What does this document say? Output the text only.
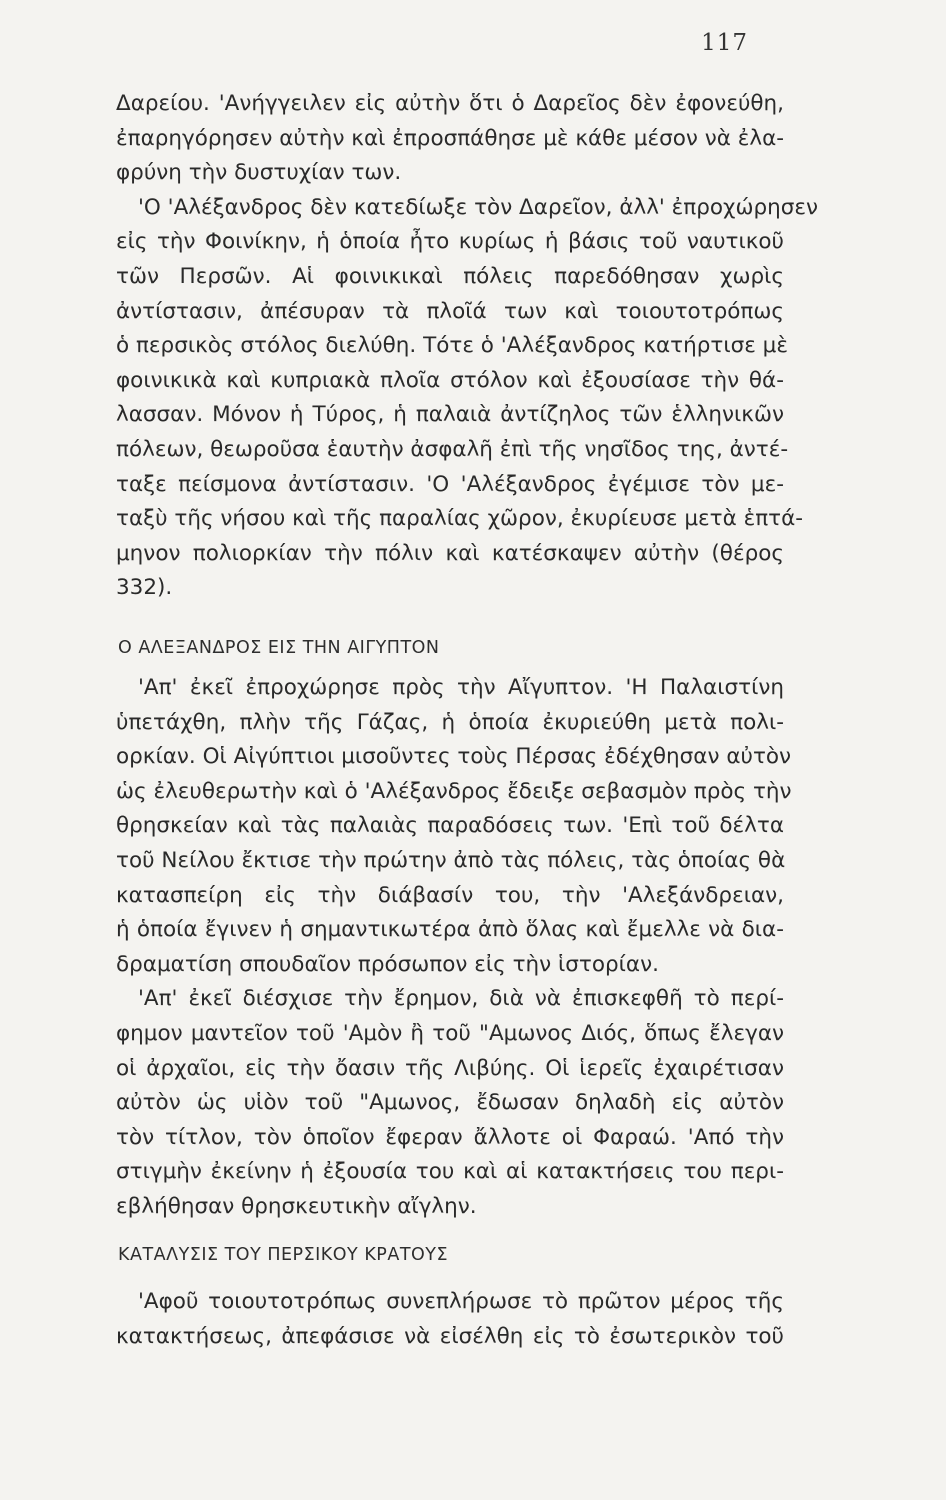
117
Δαρείου. 'Ανήγγειλεν εἰς αὐτὴν ὅτι ὁ Δαρεῖος δὲν ἐφονεύθη,
ἐπαρηγόρησεν αὐτὴν καὶ ἐπροσπάθησε μὲ κάθε μέσον νὰ ἐλα-
φρύνη τὴν δυστυχίαν των.
'Ο 'Αλέξανδρος δὲν κατεδίωξε τὸν Δαρεῖον, ἀλλ' ἐπροχώρησεν
εἰς τὴν Φοινίκην, ἡ ὁποία ἦτο κυρίως ἡ βάσις τοῦ ναυτικοῦ
τῶν Περσῶν. Αἱ φοινικικαὶ πόλεις παρεδόθησαν χωρὶς
ἀντίστασιν, ἀπέσυραν τὰ πλοῖά των καὶ τοιουτοτρόπως
ὁ περσικὸς στόλος διελύθη. Τότε ὁ 'Αλέξανδρος κατήρτισε μὲ
φοινικικὰ καὶ κυπριακὰ πλοῖα στόλον καὶ ἐξουσίασε τὴν θά-
λασσαν. Μόνον ἡ Τύρος, ἡ παλαιὰ ἀντίζηλος τῶν ἑλληνικῶν
πόλεων, θεωροῦσα ἑαυτὴν ἀσφαλῆ ἐπὶ τῆς νησῖδος της, ἀντέ-
ταξε πείσμονα ἀντίστασιν. 'Ο 'Αλέξανδρος ἐγέμισε τὸν με-
ταξὺ τῆς νήσου καὶ τῆς παραλίας χῶρον, ἐκυρίευσε μετὰ ἑπτά-
μηνον πολιορκίαν τὴν πόλιν καὶ κατέσκαψεν αὐτὴν (θέρος
332).
Ο ΑΛΕΞΑΝΔΡΟΣ ΕΙΣ ΤΗΝ ΑΙΓΥΠΤΟΝ
'Απ' ἐκεῖ ἐπροχώρησε πρὸς τὴν Αἴγυπτον. 'Η Παλαιστίνη
ὑπετάχθη, πλὴν τῆς Γάζας, ἡ ὁποία ἐκυριεύθη μετὰ πολι-
ορκίαν. Οἱ Αἰγύπτιοι μισοῦντες τοὺς Πέρσας ἐδέχθησαν αὐτὸν
ὡς ἐλευθερωτὴν καὶ ὁ 'Αλέξανδρος ἔδειξε σεβασμὸν πρὸς τὴν
θρησκείαν καὶ τὰς παλαιὰς παραδόσεις των. 'Επὶ τοῦ δέλτα
τοῦ Νείλου ἔκτισε τὴν πρώτην ἀπὸ τὰς πόλεις, τὰς ὁποίας θὰ
κατασπείρη εἰς τὴν διάβασίν του, τὴν 'Αλεξάνδρειαν,
ἡ ὁποία ἔγινεν ἡ σημαντικωτέρα ἀπὸ ὅλας καὶ ἔμελλε νὰ δια-
δραματίση σπουδαῖον πρόσωπον εἰς τὴν ἱστορίαν.
'Απ' ἐκεῖ διέσχισε τὴν ἔρημον, διὰ νὰ ἐπισκεφθῆ τὸ περί-
φημον μαντεῖον τοῦ 'Αμὸν ἢ τοῦ "Αμωνος Διός, ὅπως ἔλεγαν
οἱ ἀρχαῖοι, εἰς τὴν ὄασιν τῆς Λιβύης. Οἱ ἱερεῖς ἐχαιρέτισαν
αὐτὸν ὡς υἱὸν τοῦ "Αμωνος, ἔδωσαν δηλαδὴ εἰς αὐτὸν
τὸν τίτλον, τὸν ὁποῖον ἔφεραν ἄλλοτε οἱ Φαραώ. 'Από τὴν
στιγμὴν ἐκείνην ἡ ἐξουσία του καὶ αἱ κατακτήσεις του περι-
εβλήθησαν θρησκευτικὴν αἴγλην.
ΚΑΤΑΛΥΣΙΣ ΤΟΥ ΠΕΡΣΙΚΟΥ ΚΡΑΤΟΥΣ
'Αφοῦ τοιουτοτρόπως συνεπλήρωσε τὸ πρῶτον μέρος τῆς
κατακτήσεως, ἀπεφάσισε νὰ εἰσέλθη εἰς τὸ ἐσωτερικὸν τοῦ
